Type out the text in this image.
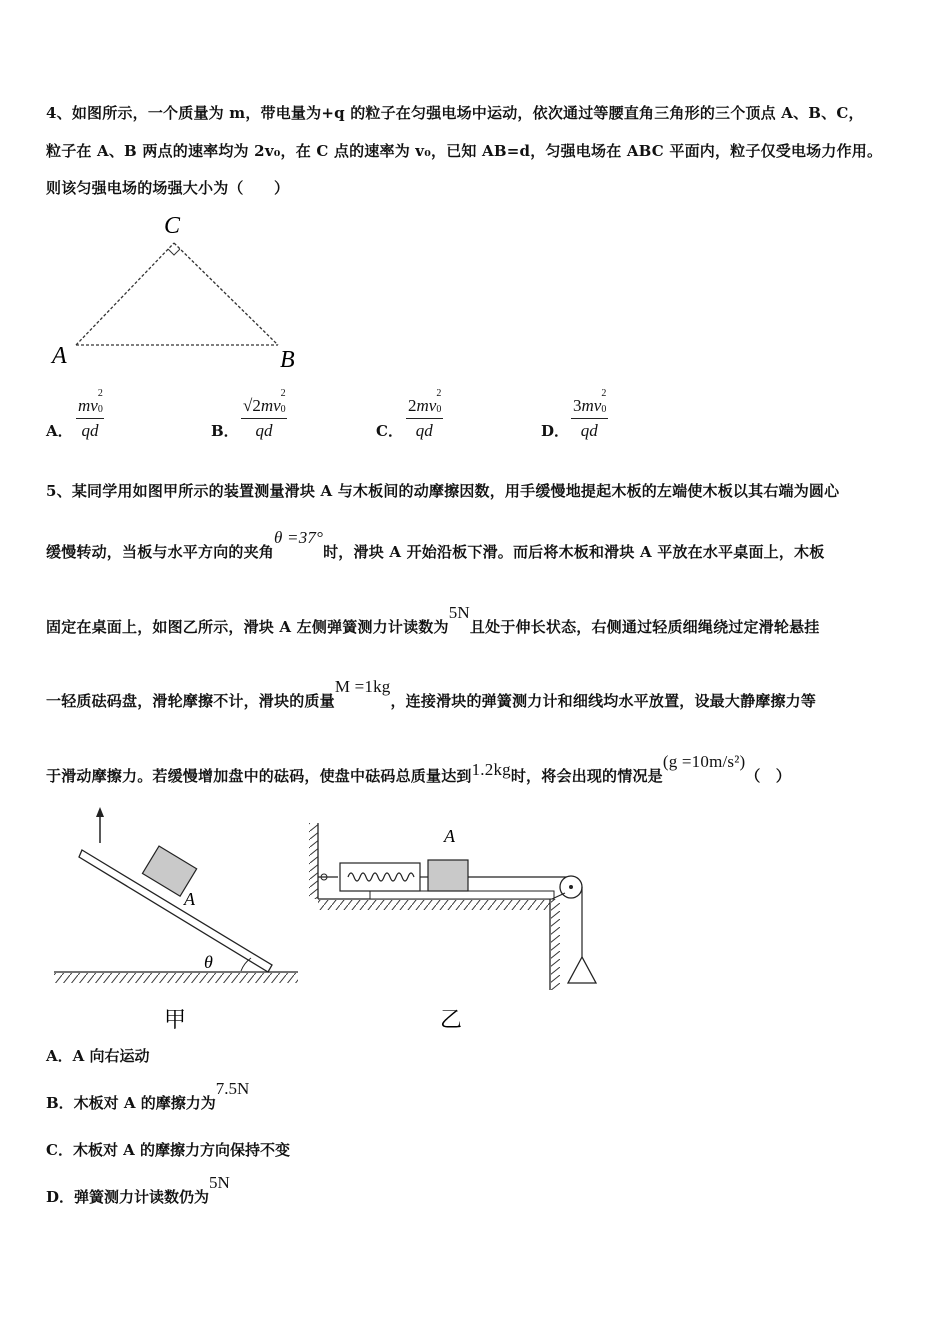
4、如图所示，一个质量为 m，带电量为+q 的粒子在匀强电场中运动，依次通过等腰直角三角形的三个顶点 A、B、C，
粒子在 A、B 两点的速率均为 2v₀，在 C 点的速率为 v₀，已知 AB=d，匀强电场在 ABC 平面内，粒子仅受电场力作用。
则该匀强电场的场强大小为（　　）
C
A	B
A． mv
2
0

qd	B． √2mv
2
0

qd	C． 2mv
2
0

qd	D． 3mv
2
0

qd
5、某同学用如图甲所示的装置测量滑块 A 与木板间的动摩擦因数，用手缓慢地提起木板的左端使木板以其右端为圆心
缓慢转动，当板与水平方向的夹角θ =37°时，滑块 A 开始沿板下滑。而后将木板和滑块 A 平放在水平桌面上，木板
固定在桌面上，如图乙所示，滑块 A 左侧弹簧测力计读数为5N且处于伸长状态，右侧通过轻质细绳绕过定滑轮悬挂
一轻质砝码盘，滑轮摩擦不计，滑块的质量M =1kg，连接滑块的弹簧测力计和细线均水平放置，设最大静摩擦力等
于滑动摩擦力。若缓慢增加盘中的砝码，使盘中砝码总质量达到1.2kg时，将会出现的情况是(g =10m/s²)（　）
A
θ
甲
A
乙
A．A 向右运动
B．木板对 A 的摩擦力为7.5N
C．木板对 A 的摩擦力方向保持不变
D．弹簧测力计读数仍为5N
